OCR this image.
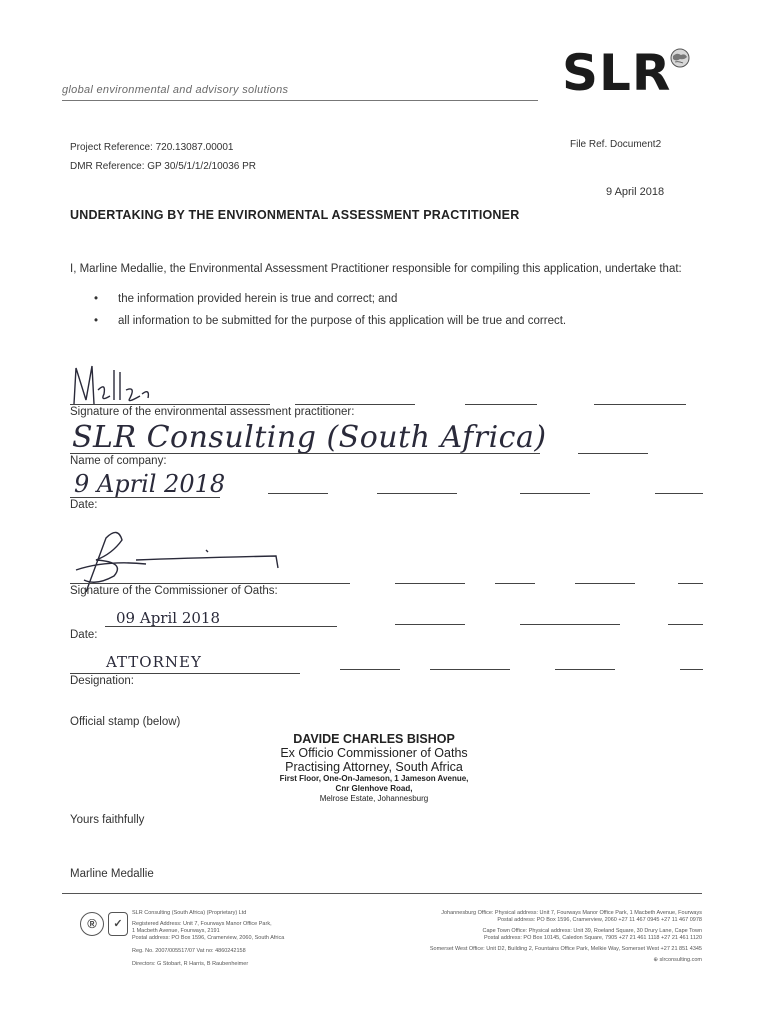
global environmental and advisory solutions	SLR
Project Reference: 720.13087.00001
DMR Reference: GP 30/5/1/1/2/10036 PR
File Ref. Document2
9 April 2018
UNDERTAKING BY THE ENVIRONMENTAL ASSESSMENT PRACTITIONER
I, Marline Medallie, the Environmental Assessment Practitioner responsible for compiling this application, undertake that:
• the information provided herein is true and correct; and
• all information to be submitted for the purpose of this application will be true and correct.
Signature of the environmental assessment practitioner:
SLR Consulting (South Africa)
Name of company:
9 April 2018
Date:
Signature of the Commissioner of Oaths:
09 April 2018
Date:
ATTORNEY
Designation:
Official stamp (below)
DAVIDE CHARLES BISHOP
Ex Officio Commissioner of Oaths
Practising Attorney, South Africa
First Floor, One-On-Jameson, 1 Jameson Avenue,
Cnr Glenhove Road,
Melrose Estate, Johannesburg
Yours faithfully
Marline Medallie
®	✓
SLR Consulting (South Africa) (Proprietary) Ltd
Registered Address: Unit 7, Fourways Manor Office Park,
1 Macbeth Avenue, Fourways, 2191
Postal address: PO Box 1596, Cramerview, 2060, South Africa
Reg. No. 2007/005517/07 Vat no: 4860242158
Directors: G Stobart, R Harris, B Raubenheimer
Johannesburg Office: Physical address: Unit 7, Fourways Manor Office Park, 1 Macbeth Avenue, Fourways
Postal address: PO Box 1596, Cramerview, 2060 +27 11 467 0945 +27 11 467 0978
Cape Town Office: Physical address: Unit 39, Roeland Square, 30 Drury Lane, Cape Town
Postal address: PO Box 10145, Caledon Square, 7905 +27 21 461 1118 +27 21 461 1120
Somerset West Office: Unit D2, Building 2, Fountains Office Park, Melkie Way, Somerset West +27 21 851 4345
⊕ slrconsulting.com
